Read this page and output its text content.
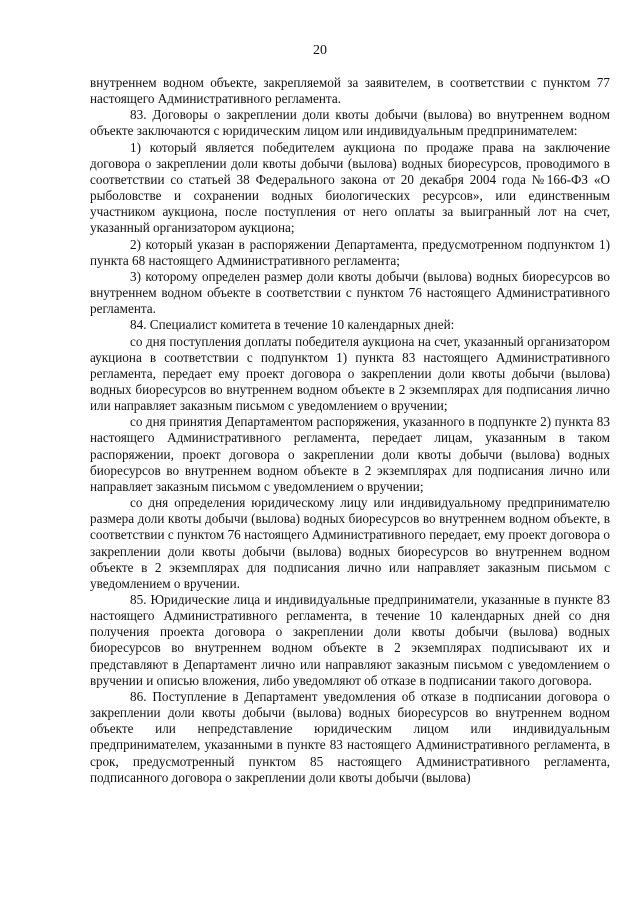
20

внутреннем водном объекте, закрепляемой за заявителем, в соответствии с пунктом 77 настоящего Административного регламента.

83. Договоры о закреплении доли квоты добычи (вылова) во внутреннем водном объекте заключаются с юридическим лицом или индивидуальным предпринимателем:

1) который является победителем аукциона по продаже права на заключение договора о закреплении доли квоты добычи (вылова) водных биоресурсов, проводимого в соответствии со статьей 38 Федерального закона от 20 декабря 2004 года №166-ФЗ «О рыболовстве и сохранении водных биологических ресурсов», или единственным участником аукциона, после поступления от него оплаты за выигранный лот на счет, указанный организатором аукциона;

2) который указан в распоряжении Департамента, предусмотренном подпунктом 1) пункта 68 настоящего Административного регламента;

3) которому определен размер доли квоты добычи (вылова) водных биоресурсов во внутреннем водном объекте в соответствии с пунктом 76 настоящего Административного регламента.

84. Специалист комитета в течение 10 календарных дней:

со дня поступления доплаты победителя аукциона на счет, указанный организатором аукциона в соответствии с подпунктом 1) пункта 83 настоящего Административного регламента, передает ему проект договора о закреплении доли квоты добычи (вылова) водных биоресурсов во внутреннем водном объекте в 2 экземплярах для подписания лично или направляет заказным письмом с уведомлением о вручении;

со дня принятия Департаментом распоряжения, указанного в подпункте 2) пункта 83 настоящего Административного регламента, передает лицам, указанным в таком распоряжении, проект договора о закреплении доли квоты добычи (вылова) водных биоресурсов во внутреннем водном объекте в 2 экземплярах для подписания лично или направляет заказным письмом с уведомлением о вручении;

со дня определения юридическому лицу или индивидуальному предпринимателю размера доли квоты добычи (вылова) водных биоресурсов во внутреннем водном объекте, в соответствии с пунктом 76 настоящего Административного передает, ему проект договора о закреплении доли квоты добычи (вылова) водных биоресурсов во внутреннем водном объекте в 2 экземплярах для подписания лично или направляет заказным письмом с уведомлением о вручении.

85. Юридические лица и индивидуальные предприниматели, указанные в пункте 83 настоящего Административного регламента, в течение 10 календарных дней со дня получения проекта договора о закреплении доли квоты добычи (вылова) водных биоресурсов во внутреннем водном объекте в 2 экземплярах подписывают их и представляют в Департамент лично или направляют заказным письмом с уведомлением о вручении и описью вложения, либо уведомляют об отказе в подписании такого договора.

86. Поступление в Департамент уведомления об отказе в подписании договора о закреплении доли квоты добычи (вылова) водных биоресурсов во внутреннем водном объекте или непредставление юридическим лицом или индивидуальным предпринимателем, указанными в пункте 83 настоящего Административного регламента, в срок, предусмотренный пунктом 85 настоящего Административного регламента, подписанного договора о закреплении доли квоты добычи (вылова)
